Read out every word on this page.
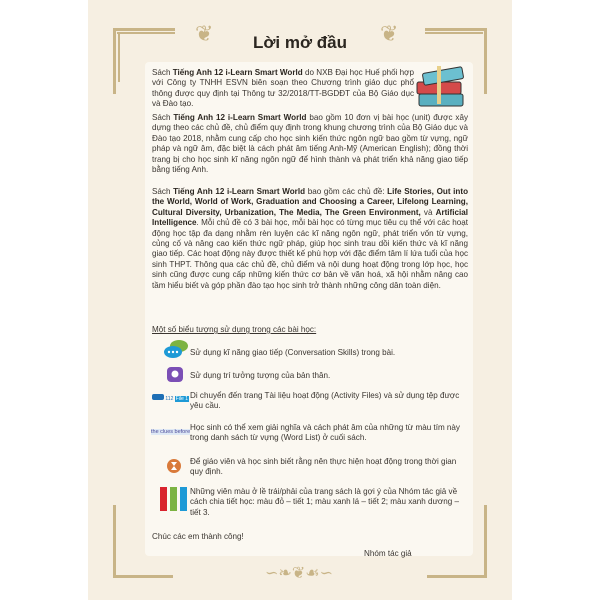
❦	❦
∽❧❦☙∽
Lời mở đầu
Sách Tiếng Anh 12 i-Learn Smart World do NXB Đại học Huế phối hợp với Công ty TNHH ESVN biên soạn theo Chương trình giáo dục phổ thông được quy định tại Thông tư 32/2018/TT-BGDĐT của Bộ Giáo dục và Đào tạo.
Sách Tiếng Anh 12 i-Learn Smart World bao gồm 10 đơn vị bài học (unit) được xây dựng theo các chủ đề, chủ điểm quy định trong khung chương trình của Bộ Giáo dục và Đào tạo 2018, nhằm cung cấp cho học sinh kiến thức ngôn ngữ bao gồm từ vựng, ngữ pháp và ngữ âm, đặc biệt là cách phát âm tiếng Anh-Mỹ (American English); đồng thời trang bị cho học sinh kĩ năng ngôn ngữ để hình thành và phát triển khả năng giao tiếp bằng tiếng Anh.
Sách Tiếng Anh 12 i-Learn Smart World bao gồm các chủ đề: Life Stories, Out into the World, World of Work, Graduation and Choosing a Career, Lifelong Learning, Cultural Diversity, Urbanization, The Media, The Green Environment, và Artificial Intelligence. Mỗi chủ đề có 3 bài học, mỗi bài học có từng mục tiêu cụ thể với các hoạt động học tập đa dạng nhằm rèn luyện các kĩ năng ngôn ngữ, phát triển vốn từ vựng, củng cố và nâng cao kiến thức ngữ pháp, giúp học sinh trau dồi kiến thức và kĩ năng giao tiếp. Các hoạt động này được thiết kế phù hợp với đặc điểm tâm lí lứa tuổi của học sinh THPT. Thông qua các chủ đề, chủ điểm và nội dung hoạt động trong lớp học, học sinh cũng được cung cấp những kiến thức cơ bản về văn hoá, xã hội nhằm nâng cao tầm hiểu biết và góp phần đào tạo học sinh trở thành những công dân toàn diện.
Một số biểu tượng sử dụng trong các bài học:
Sử dụng kĩ năng giao tiếp (Conversation Skills) trong bài.
Sử dụng trí tưởng tượng của bản thân.
112 File 1 Di chuyển đến trang Tài liệu hoạt động (Activity Files) và sử dụng tệp được yêu cầu.
the clues before Học sinh có thể xem giải nghĩa và cách phát âm của những từ màu tím này trong danh sách từ vựng (Word List) ở cuối sách.
Để giáo viên và học sinh biết rằng nên thực hiện hoạt động trong thời gian quy định.
Những viên màu ở lề trái/phải của trang sách là gợi ý của Nhóm tác giả về cách chia tiết học: màu đỏ – tiết 1; màu xanh lá – tiết 2; màu xanh dương – tiết 3.
Chúc các em thành công!
Nhóm tác giả
